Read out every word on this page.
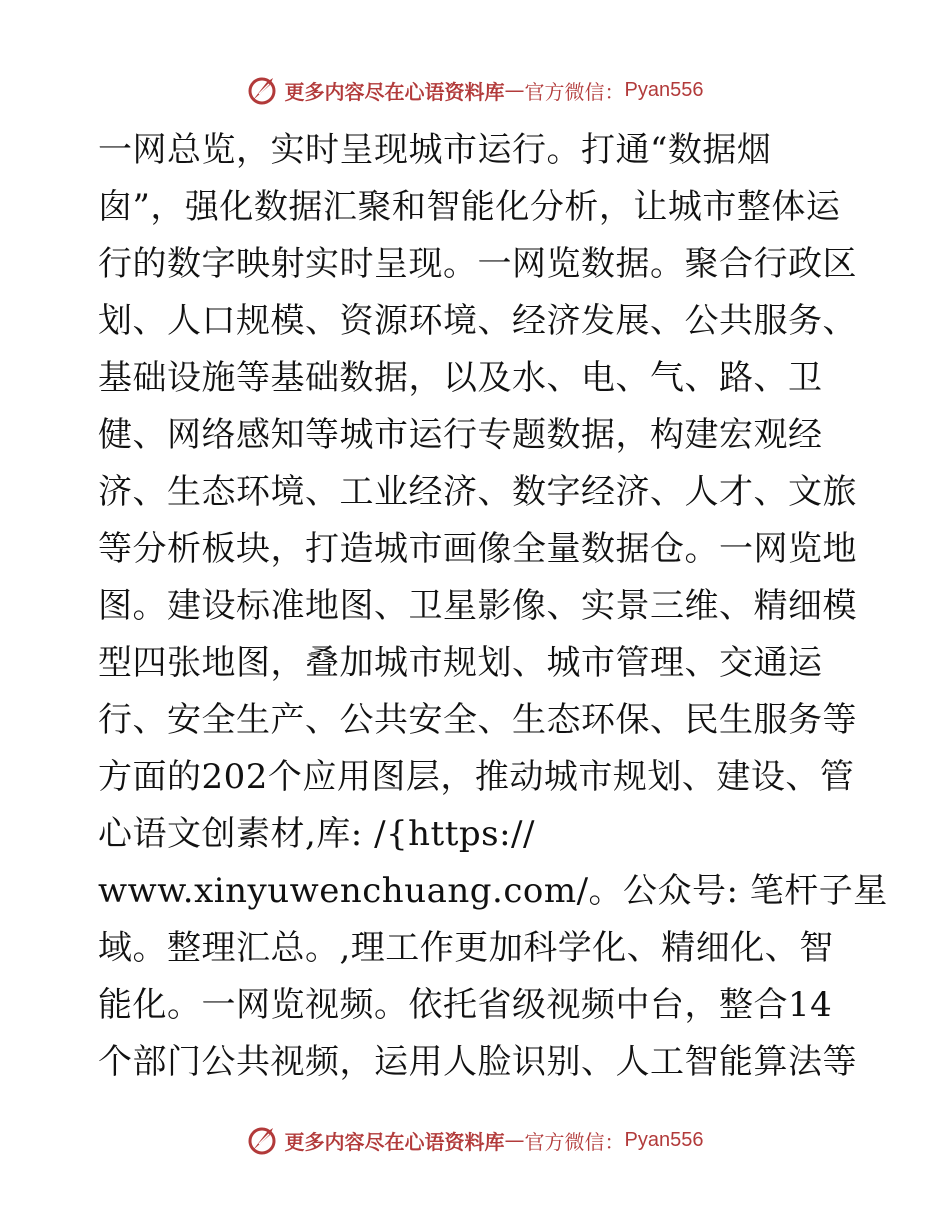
更多内容尽在心语资料库 — 官方微信： Pyan556
一网总览，实时呈现城市运行。打通“数据烟
囱”，强化数据汇聚和智能化分析，让城市整体运
行的数字映射实时呈现。一网览数据。聚合行政区
划、人口规模、资源环境、经济发展、公共服务、
基础设施等基础数据，以及水、电、气、路、卫
健、网络感知等城市运行专题数据，构建宏观经
济、生态环境、工业经济、数字经济、人才、文旅
等分析板块，打造城市画像全量数据仓。一网览地
图。建设标准地图、卫星影像、实景三维、精细模
型四张地图，叠加城市规划、城市管理、交通运
行、安全生产、公共安全、生态环保、民生服务等
方面的202个应用图层，推动城市规划、建设、管
心语文创素材,库: /{https://
www.xinyuwenchuang.com/。公众号: 笔杆子星
域。整理汇总。,理工作更加科学化、精细化、智
能化。一网览视频。依托省级视频中台，整合14
个部门公共视频，运用人脸识别、人工智能算法等
更多内容尽在心语资料库 — 官方微信： Pyan556
